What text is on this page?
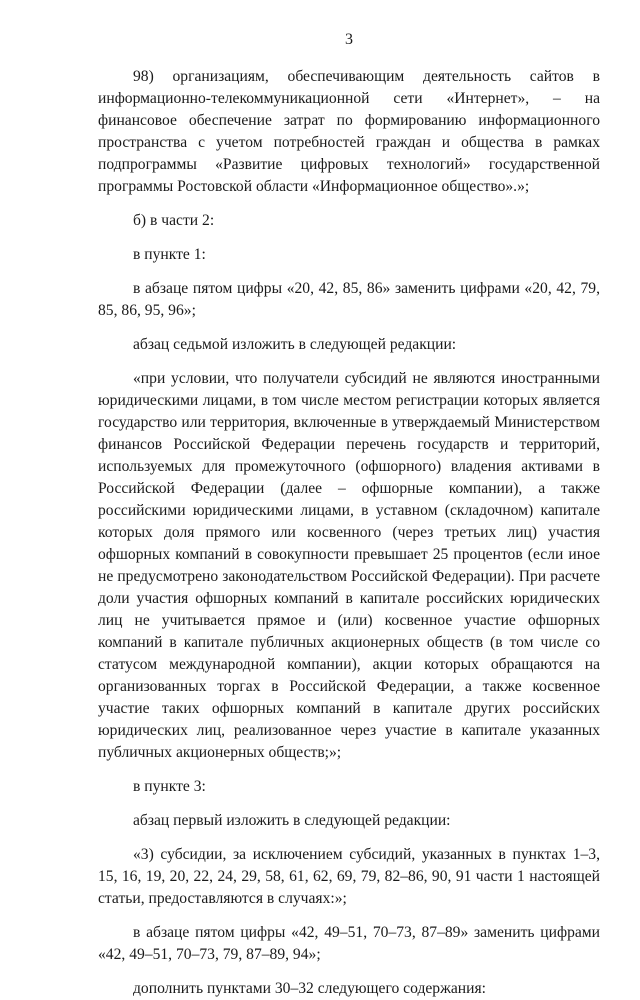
3

98) организациям, обеспечивающим деятельность сайтов в информационно-телекоммуникационной сети «Интернет», – на финансовое обеспечение затрат по формированию информационного пространства с учетом потребностей граждан и общества в рамках подпрограммы «Развитие цифровых технологий» государственной программы Ростовской области «Информационное общество».»;

б) в части 2:

в пункте 1:

в абзаце пятом цифры «20, 42, 85, 86» заменить цифрами «20, 42, 79, 85, 86, 95, 96»;

абзац седьмой изложить в следующей редакции:

«при условии, что получатели субсидий не являются иностранными юридическими лицами, в том числе местом регистрации которых является государство или территория, включенные в утверждаемый Министерством финансов Российской Федерации перечень государств и территорий, используемых для промежуточного (офшорного) владения активами в Российской Федерации (далее – офшорные компании), а также российскими юридическими лицами, в уставном (складочном) капитале которых доля прямого или косвенного (через третьих лиц) участия офшорных компаний в совокупности превышает 25 процентов (если иное не предусмотрено законодательством Российской Федерации). При расчете доли участия офшорных компаний в капитале российских юридических лиц не учитывается прямое и (или) косвенное участие офшорных компаний в капитале публичных акционерных обществ (в том числе со статусом международной компании), акции которых обращаются на организованных торгах в Российской Федерации, а также косвенное участие таких офшорных компаний в капитале других российских юридических лиц, реализованное через участие в капитале указанных публичных акционерных обществ;»;

в пункте 3:

абзац первый изложить в следующей редакции:

«3) субсидии, за исключением субсидий, указанных в пунктах 1–3, 15, 16, 19, 20, 22, 24, 29, 58, 61, 62, 69, 79, 82–86, 90, 91 части 1 настоящей статьи, предоставляются в случаях:»;

в абзаце пятом цифры «42, 49–51, 70–73, 87–89» заменить цифрами «42, 49–51, 70–73, 79, 87–89, 94»;

дополнить пунктами 30–32 следующего содержания:
